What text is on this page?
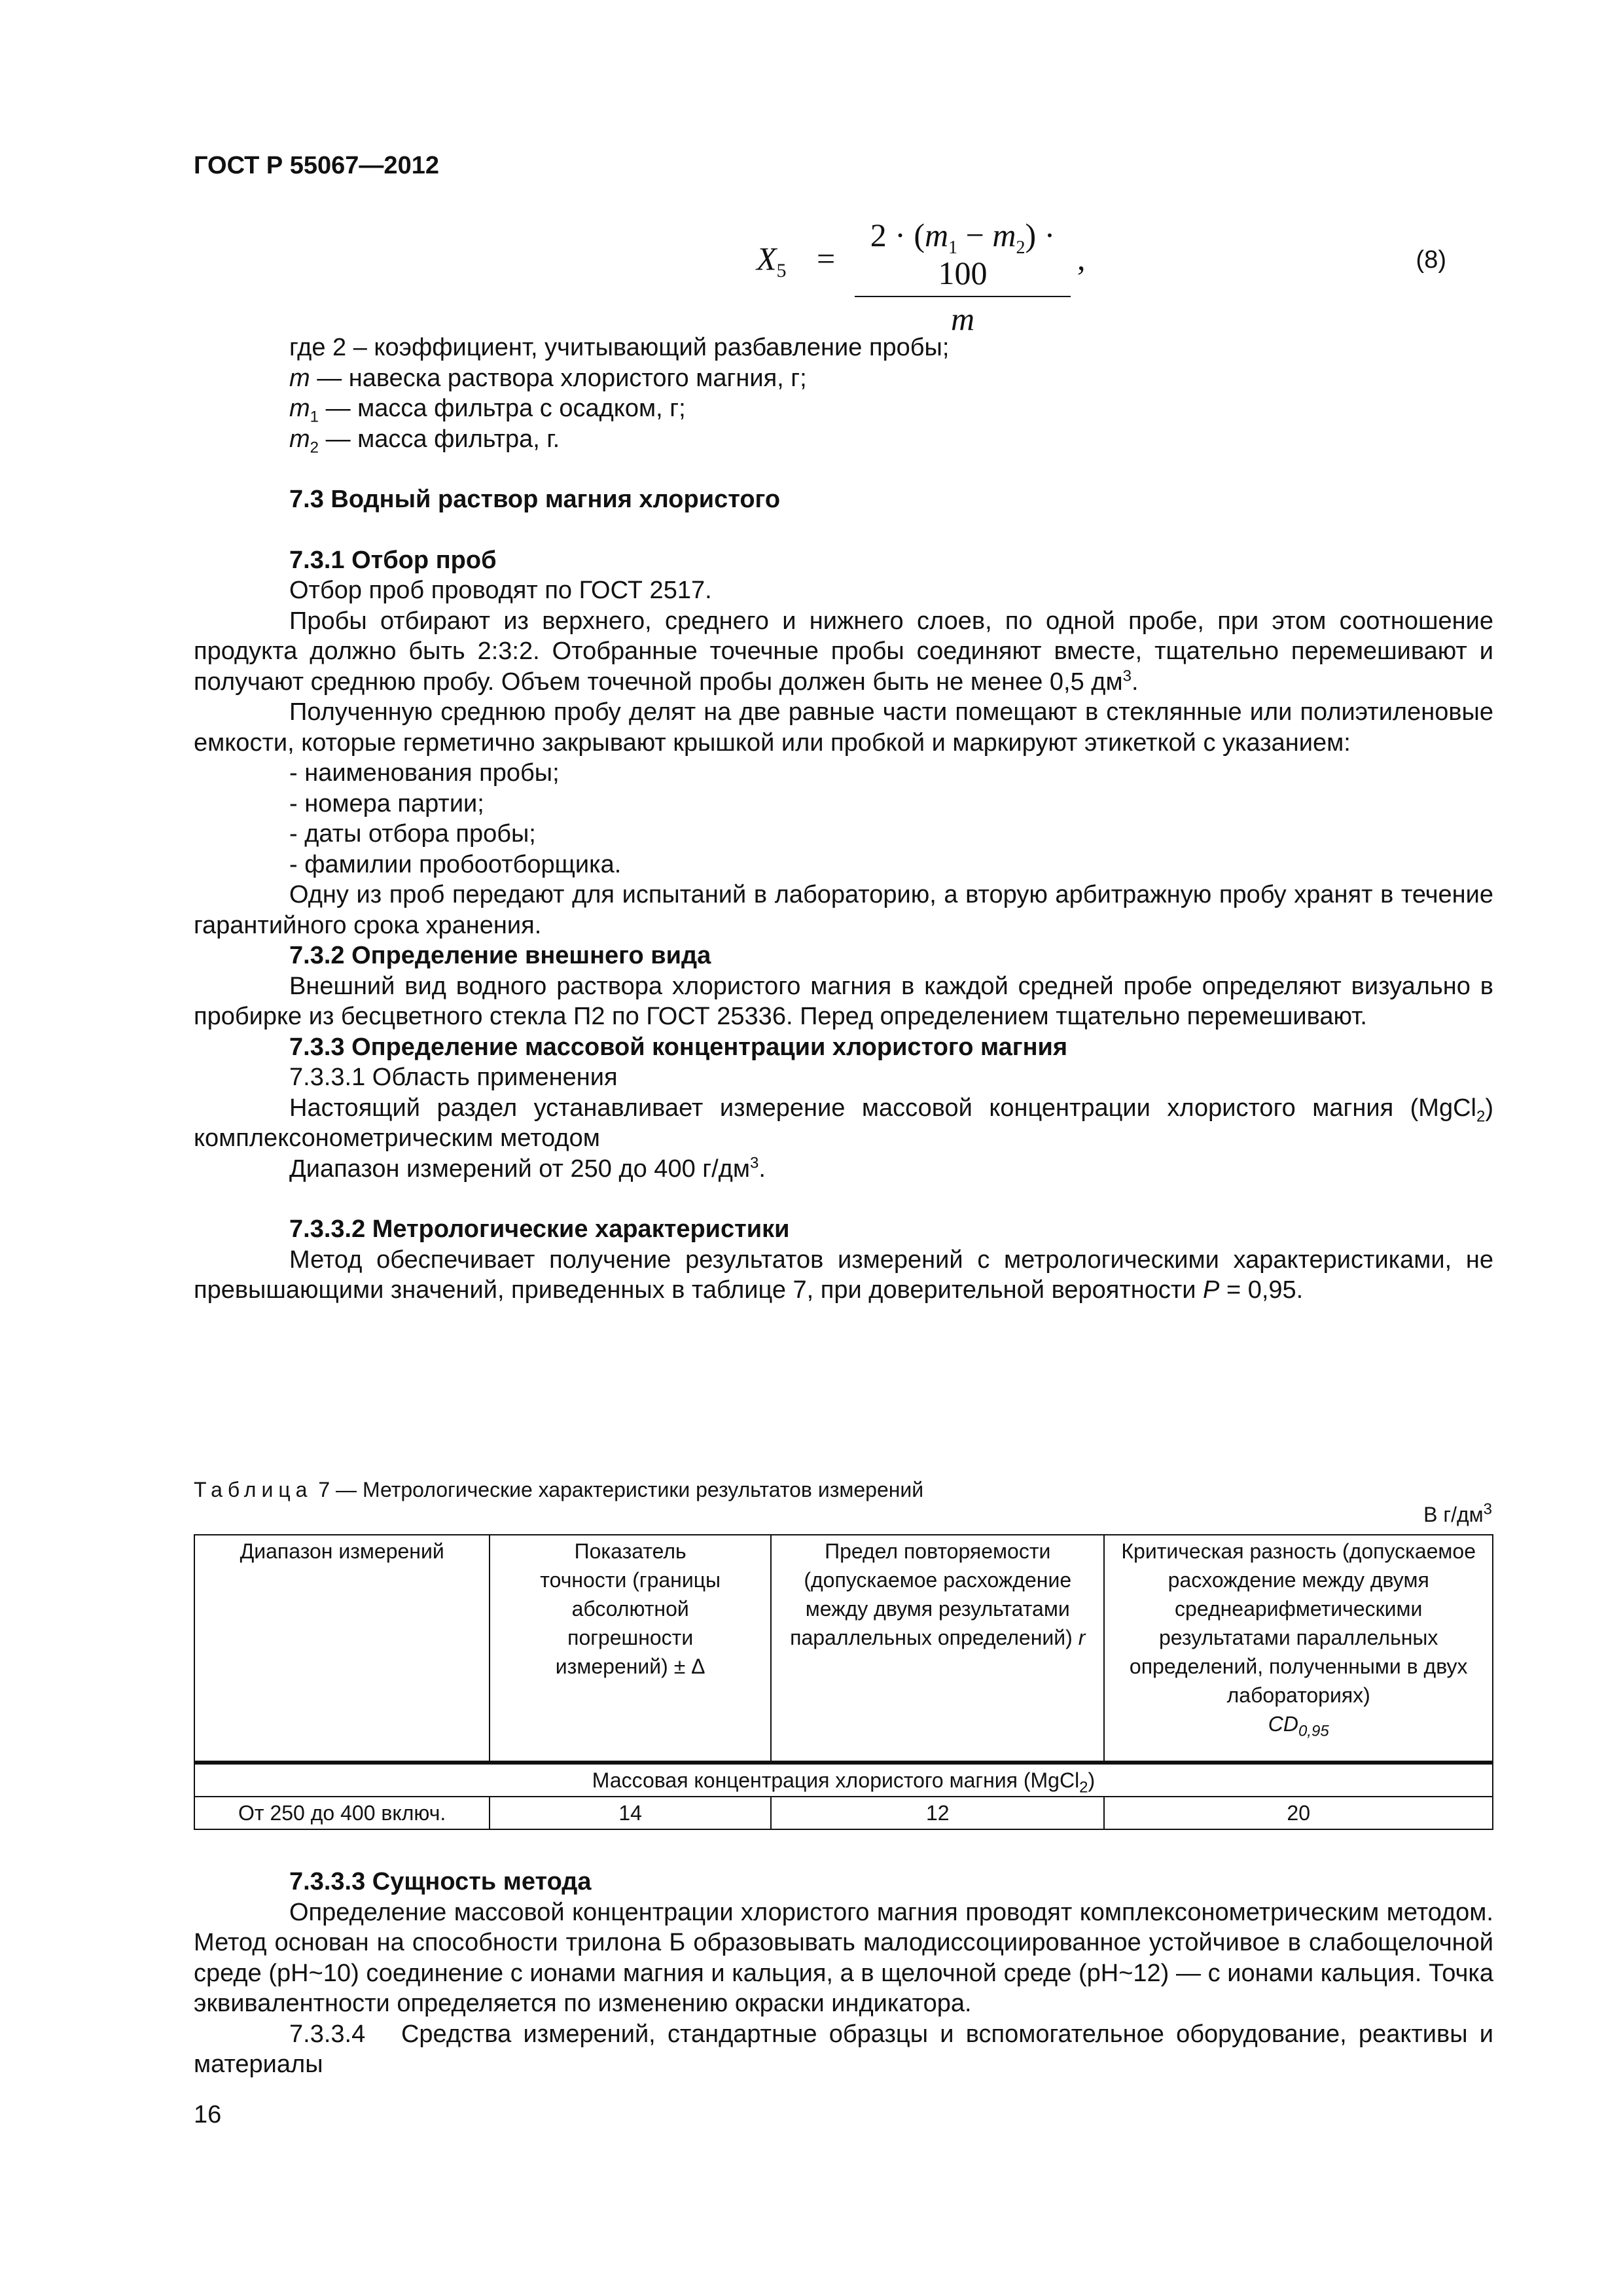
ГОСТ Р 55067—2012
$X_5 = \frac{2 \cdot (m_1 - m_2) \cdot 100}{m}$ ,	(8)

где 2 – коэффициент, учитывающий разбавление пробы;

m — навеска раствора хлористого магния, г;

$m_1$ — масса фильтра с осадком, г;

$m_2$ — масса фильтра, г.

7.3 Водный раствор магния хлористого

7.3.1 Отбор проб

Отбор проб проводят по ГОСТ 2517.

Пробы отбирают из верхнего, среднего и нижнего слоев, по одной пробе, при этом соотношение продукта должно быть 2:3:2. Отобранные точечные пробы соединяют вместе, тщательно перемешивают и получают среднюю пробу. Объем точечной пробы должен быть не менее 0,5 $дм^3$.

Полученную среднюю пробу делят на две равные части помещают в стеклянные или полиэтиленовые емкости, которые герметично закрывают крышкой или пробкой и маркируют этикеткой с указанием:

- наименования пробы;

- номера партии;

- даты отбора пробы;

- фамилии пробоотборщика.

Одну из проб передают для испытаний в лабораторию, а вторую арбитражную пробу хранят в течение гарантийного срока хранения.

7.3.2 Определение внешнего вида

Внешний вид водного раствора хлористого магния в каждой средней пробе определяют визуально в пробирке из бесцветного стекла П2 по ГОСТ 25336. Перед определением тщательно перемешивают.

7.3.3 Определение массовой концентрации хлористого магния

7.3.3.1 Область применения

Настоящий раздел устанавливает измерение массовой концентрации хлористого магния (MgCl$_2$) комплексонометрическим методом

Диапазон измерений от 250 до 400 $г/дм^3$.

7.3.3.2 Метрологические характеристики

Метод обеспечивает получение результатов измерений с метрологическими характеристиками, не превышающими значений, приведенных в таблице 7, при доверительной вероятности P = 0,95.

Таблица 7 — Метрологические характеристики результатов измерений
В $г/дм^3$
Диапазон измерений	Показатель точности (границы абсолютной погрешности измерений) ± Δ	Предел повторяемости (допускаемое расхождение между двумя результатами параллельных определений) r	Критическая разность (допускаемое расхождение между двумя среднеарифметическими результатами параллельных определений, полученными в двух лабораториях)
$CD_{0,95}$
Массовая концентрация хлористого магния (MgCl$_2$)			
От 250 до 400 включ.	14	12	20

7.3.3.3 Сущность метода

Определение массовой концентрации хлористого магния проводят комплексонометрическим методом. Метод основан на способности трилона Б образовывать малодиссоциированное устойчивое в слабощелочной среде (pH~10) соединение с ионами магния и кальция, а в щелочной среде (pH~12) — с ионами кальция. Точка эквивалентности определяется по изменению окраски индикатора.

7.3.3.4   Средства измерений, стандартные образцы и вспомогательное оборудование, реактивы и материалы

16
